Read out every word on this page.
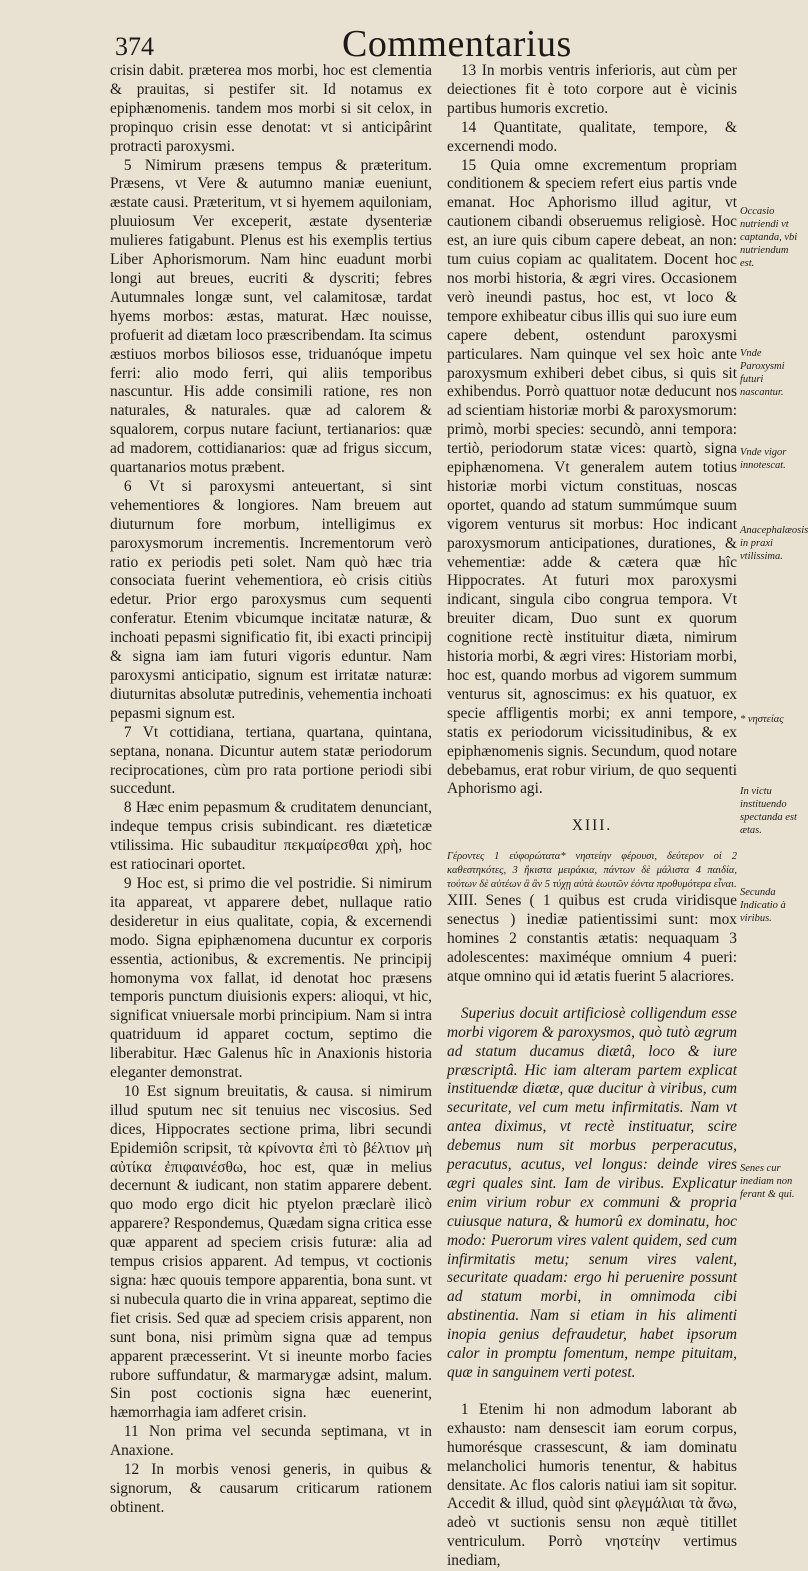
374	Commentarius

crisin dabit. præterea mos morbi, hoc est clementia & prauitas, si pestifer sit. Id notamus ex epiphænomenis. tandem mos morbi si sit celox, in propinquo crisin esse denotat: vt si anticipârint protracti paroxysmi.

5 Nimirum præsens tempus & præteritum. Præsens, vt Vere & autumno maniæ eueniunt, æstate causi. Præteritum, vt si hyemem aquiloniam, pluuiosum Ver exceperit, æstate dysenteriæ mulieres fatigabunt. Plenus est his exemplis tertius Liber Aphorismorum. Nam hinc euadunt morbi longi aut breues, eucriti & dyscriti; febres Autumnales longæ sunt, vel calamitosæ, tardat hyems morbos: æstas, maturat. Hæc nouisse, profuerit ad diætam loco præscribendam. Ita scimus æstiuos morbos biliosos esse, triduanóque impetu ferri: alio modo ferri, qui aliis temporibus nascuntur. His adde consimili ratione, res non naturales, & naturales. quæ ad calorem & squalorem, corpus nutare faciunt, tertianarios: quæ ad madorem, cottidianarios: quæ ad frigus siccum, quartanarios motus præbent.

6 Vt si paroxysmi anteuertant, si sint vehementiores & longiores. Nam breuem aut diuturnum fore morbum, intelligimus ex paroxysmorum incrementis. Incrementorum verò ratio ex periodis peti solet. Nam quò hæc tria consociata fuerint vehementiora, eò crisis citiùs edetur. Prior ergo paroxysmus cum sequenti conferatur. Etenim vbicumque incitatæ naturæ, & inchoati pepasmi significatio fit, ibi exacti principij & signa iam iam futuri vigoris eduntur. Nam paroxysmi anticipatio, signum est irritatæ naturæ: diuturnitas absolutæ putredinis, vehementia inchoati pepasmi signum est.

7 Vt cottidiana, tertiana, quartana, quintana, septana, nonana. Dicuntur autem statæ periodorum reciprocationes, cùm pro rata portione periodi sibi succedunt.

8 Hæc enim pepasmum & cruditatem denunciant, indeque tempus crisis subindicant. res diæteticæ vtilissima. Hic subauditur πεκμαίρεσθαι χρὴ, hoc est ratiocinari oportet.

9 Hoc est, si primo die vel postridie. Si nimirum ita appareat, vt apparere debet, nullaque ratio desideretur in eius qualitate, copia, & excernendi modo. Signa epiphænomena ducuntur ex corporis essentia, actionibus, & excrementis. Ne principij homonyma vox fallat, id denotat hoc præsens temporis punctum diuisionis expers: alioqui, vt hic, significat vniuersale morbi principium. Nam si intra quatriduum id apparet coctum, septimo die liberabitur. Hæc Galenus hîc in Anaxionis historia eleganter demonstrat.

10 Est signum breuitatis, & causa. si nimirum illud sputum nec sit tenuius nec viscosius. Sed dices, Hippocrates sectione prima, libri secundi Epidemiôn scripsit, τὰ κρίνοντα ἐπὶ τὸ βέλτιον μὴ αὐτίκα ἐπιφαινέσθω, hoc est, quæ in melius decernunt & iudicant, non statim apparere debent. quo modo ergo dicit hic ptyelon præclarè ilicò apparere? Respondemus, Quædam signa critica esse quæ apparent ad speciem crisis futuræ: alia ad tempus crisios apparent. Ad tempus, vt coctionis signa: hæc quouis tempore apparentia, bona sunt. vt si nubecula quarto die in vrina appareat, septimo die fiet crisis. Sed quæ ad speciem crisis apparent, non sunt bona, nisi primùm signa quæ ad tempus apparent præcesserint. Vt si ineunte morbo facies rubore suffundatur, & marmarygæ adsint, malum. Sin post coctionis signa hæc euenerint, hæmorrhagia iam adferet crisin.

11 Non prima vel secunda septimana, vt in Anaxione.

12 In morbis venosi generis, in quibus & signorum, & causarum criticarum rationem obtinent.

13 In morbis ventris inferioris, aut cùm per deiectiones fit è toto corpore aut è vicinis partibus humoris excretio.

14 Quantitate, qualitate, tempore, & excernendi modo.

15 Quia omne excrementum propriam conditionem & speciem refert eius partis vnde emanat. Hoc Aphorismo illud agitur, vt cautionem cibandi obseruemus religiosè. Hoc est, an iure quis cibum capere debeat, an non: tum cuius copiam ac qualitatem. Docent hoc nos morbi historia, & ægri vires. Occasionem verò ineundi pastus, hoc est, vt loco & tempore exhibeatur cibus illis qui suo iure eum capere debent, ostendunt paroxysmi particulares. Nam quinque vel sex hoìc ante paroxysmum exhiberi debet cibus, si quis sit exhibendus. Porrò quattuor notæ deducunt nos ad scientiam historiæ morbi & paroxysmorum: primò, morbi species: secundò, anni tempora: tertiò, periodorum statæ vices: quartò, signa epiphænomena. Vt generalem autem totius historiæ morbi victum constituas, noscas oportet, quando ad statum summúmque suum vigorem venturus sit morbus: Hoc indicant paroxysmorum anticipationes, durationes, & vehementiæ: adde & cætera quæ hîc Hippocrates. At futuri mox paroxysmi indicant, singula cibo congrua tempora. Vt breuiter dicam, Duo sunt ex quorum cognitione rectè instituitur diæta, nimirum historia morbi, & ægri vires: Historiam morbi, hoc est, quando morbus ad vigorem summum venturus sit, agnoscimus: ex his quatuor, ex specie affligentis morbi; ex anni tempore, statis ex periodorum vicissitudinibus, & ex epiphænomenis signis. Secundum, quod notare debebamus, erat robur virium, de quo sequenti Aphorismo agi.

XIII.

Γέροντες 1 εὐφορώτατα* νηστείην φέρουσι, δεύτερον οἱ 2 καθεστηκότες, 3 ἥκιστα μειράκια, πάντων δὲ μάλιστα 4 παιδία, τούτων δὲ αὐτέων ἃ ἂν 5 τύχῃ αὐτὰ ἑωυτῶν ἐόντα προθυμότερα εἶναι.

XIII. Senes ( 1 quibus est cruda viridisque senectus ) inediæ patientissimi sunt: mox homines 2 constantis ætatis: nequaquam 3 adolescentes: maximéque omnium 4 pueri: atque omnino qui id ætatis fuerint 5 alacriores.

Superius docuit artificiosè colligendum esse morbi vigorem & paroxysmos, quò tutò ægrum ad statum ducamus diætâ, loco & iure præscriptâ. Hic iam alteram partem explicat instituendæ diætæ, quæ ducitur à viribus, cum securitate, vel cum metu infirmitatis. Nam vt antea diximus, vt rectè instituatur, scire debemus num sit morbus perperacutus, peracutus, acutus, vel longus: deinde vires ægri quales sint. Iam de viribus. Explicatur enim virium robur ex communi & propria cuiusque natura, & humorû ex dominatu, hoc modo: Puerorum vires valent quidem, sed cum infirmitatis metu; senum vires valent, securitate quadam: ergo hi peruenire possunt ad statum morbi, in omnimoda cibi abstinentia. Nam si etiam in his alimenti inopia genius defraudetur, habet ipsorum calor in promptu fomentum, nempe pituitam, quæ in sanguinem verti potest.

1 Etenim hi non admodum laborant ab exhausto: nam densescit iam eorum corpus, humorésque crassescunt, & iam dominatu melancholici humoris tenentur, & habitus densitate. Ac flos caloris natiui iam sit sopitur. Accedit & illud, quòd sint φλεγμάλιαι τὰ ἄνω, adeò vt suctionis sensu non æquè titillet ventriculum. Porrò νηστείην vertimus inediam,

Occasio nutriendi vt captanda, vbi nutriendum est.
Vnde Paroxysmi futuri nascantur.
Vnde vigor innotescat.
Anacephalæosis in praxi vtilissima.
* νηστείας
In victu instituendo spectanda est ætas.
Secunda Indicatio à viribus.
Senes cur inediam non ferant & qui.
